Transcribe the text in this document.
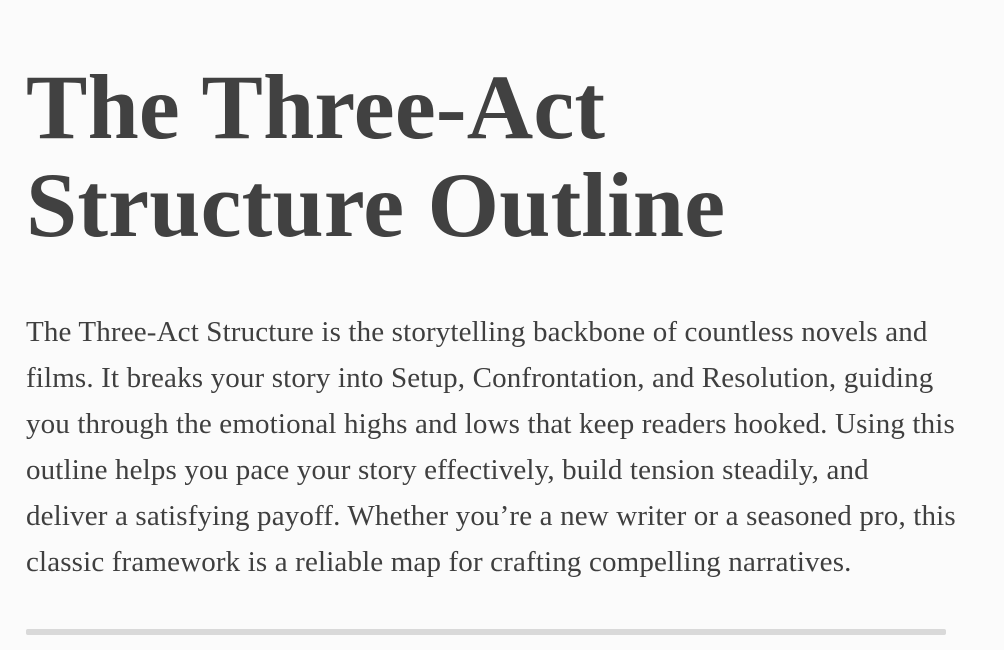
The Three-Act Structure Outline

The Three-Act Structure is the storytelling backbone of countless novels and films. It breaks your story into Setup, Confrontation, and Resolution, guiding you through the emotional highs and lows that keep readers hooked. Using this outline helps you pace your story effectively, build tension steadily, and deliver a satisfying payoff. Whether you’re a new writer or a seasoned pro, this classic framework is a reliable map for crafting compelling narratives.
